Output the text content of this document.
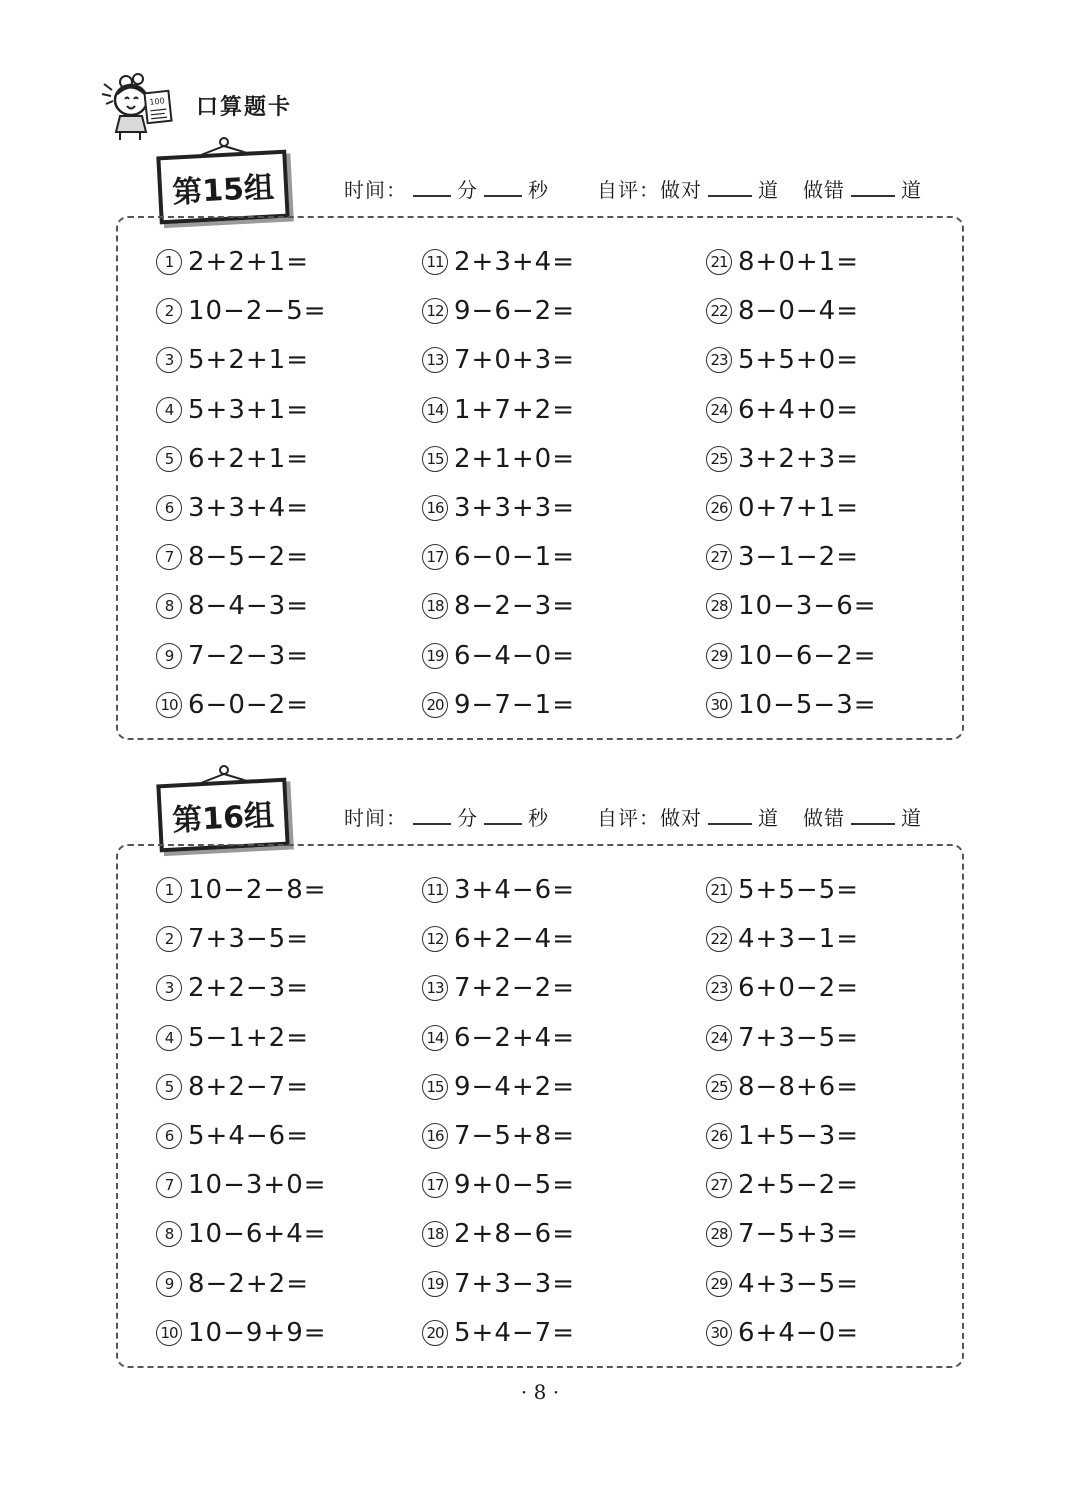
100 口算题卡
第15组	时间：	分	秒 自评：做对	道 做错	道
1 2+2+1=
2 10−2−5=
3 5+2+1=
4 5+3+1=
5 6+2+1=
6 3+3+4=
7 8−5−2=
8 8−4−3=
9 7−2−3=
10 6−0−2=
11 2+3+4=
12 9−6−2=
13 7+0+3=
14 1+7+2=
15 2+1+0=
16 3+3+3=
17 6−0−1=
18 8−2−3=
19 6−4−0=
20 9−7−1=
21 8+0+1=
22 8−0−4=
23 5+5+0=
24 6+4+0=
25 3+2+3=
26 0+7+1=
27 3−1−2=
28 10−3−6=
29 10−6−2=
30 10−5−3=
第16组	时间：	分	秒 自评：做对	道 做错	道
1 10−2−8=
2 7+3−5=
3 2+2−3=
4 5−1+2=
5 8+2−7=
6 5+4−6=
7 10−3+0=
8 10−6+4=
9 8−2+2=
10 10−9+9=
11 3+4−6=
12 6+2−4=
13 7+2−2=
14 6−2+4=
15 9−4+2=
16 7−5+8=
17 9+0−5=
18 2+8−6=
19 7+3−3=
20 5+4−7=
21 5+5−5=
22 4+3−1=
23 6+0−2=
24 7+3−5=
25 8−8+6=
26 1+5−3=
27 2+5−2=
28 7−5+3=
29 4+3−5=
30 6+4−0=
· 8 ·
